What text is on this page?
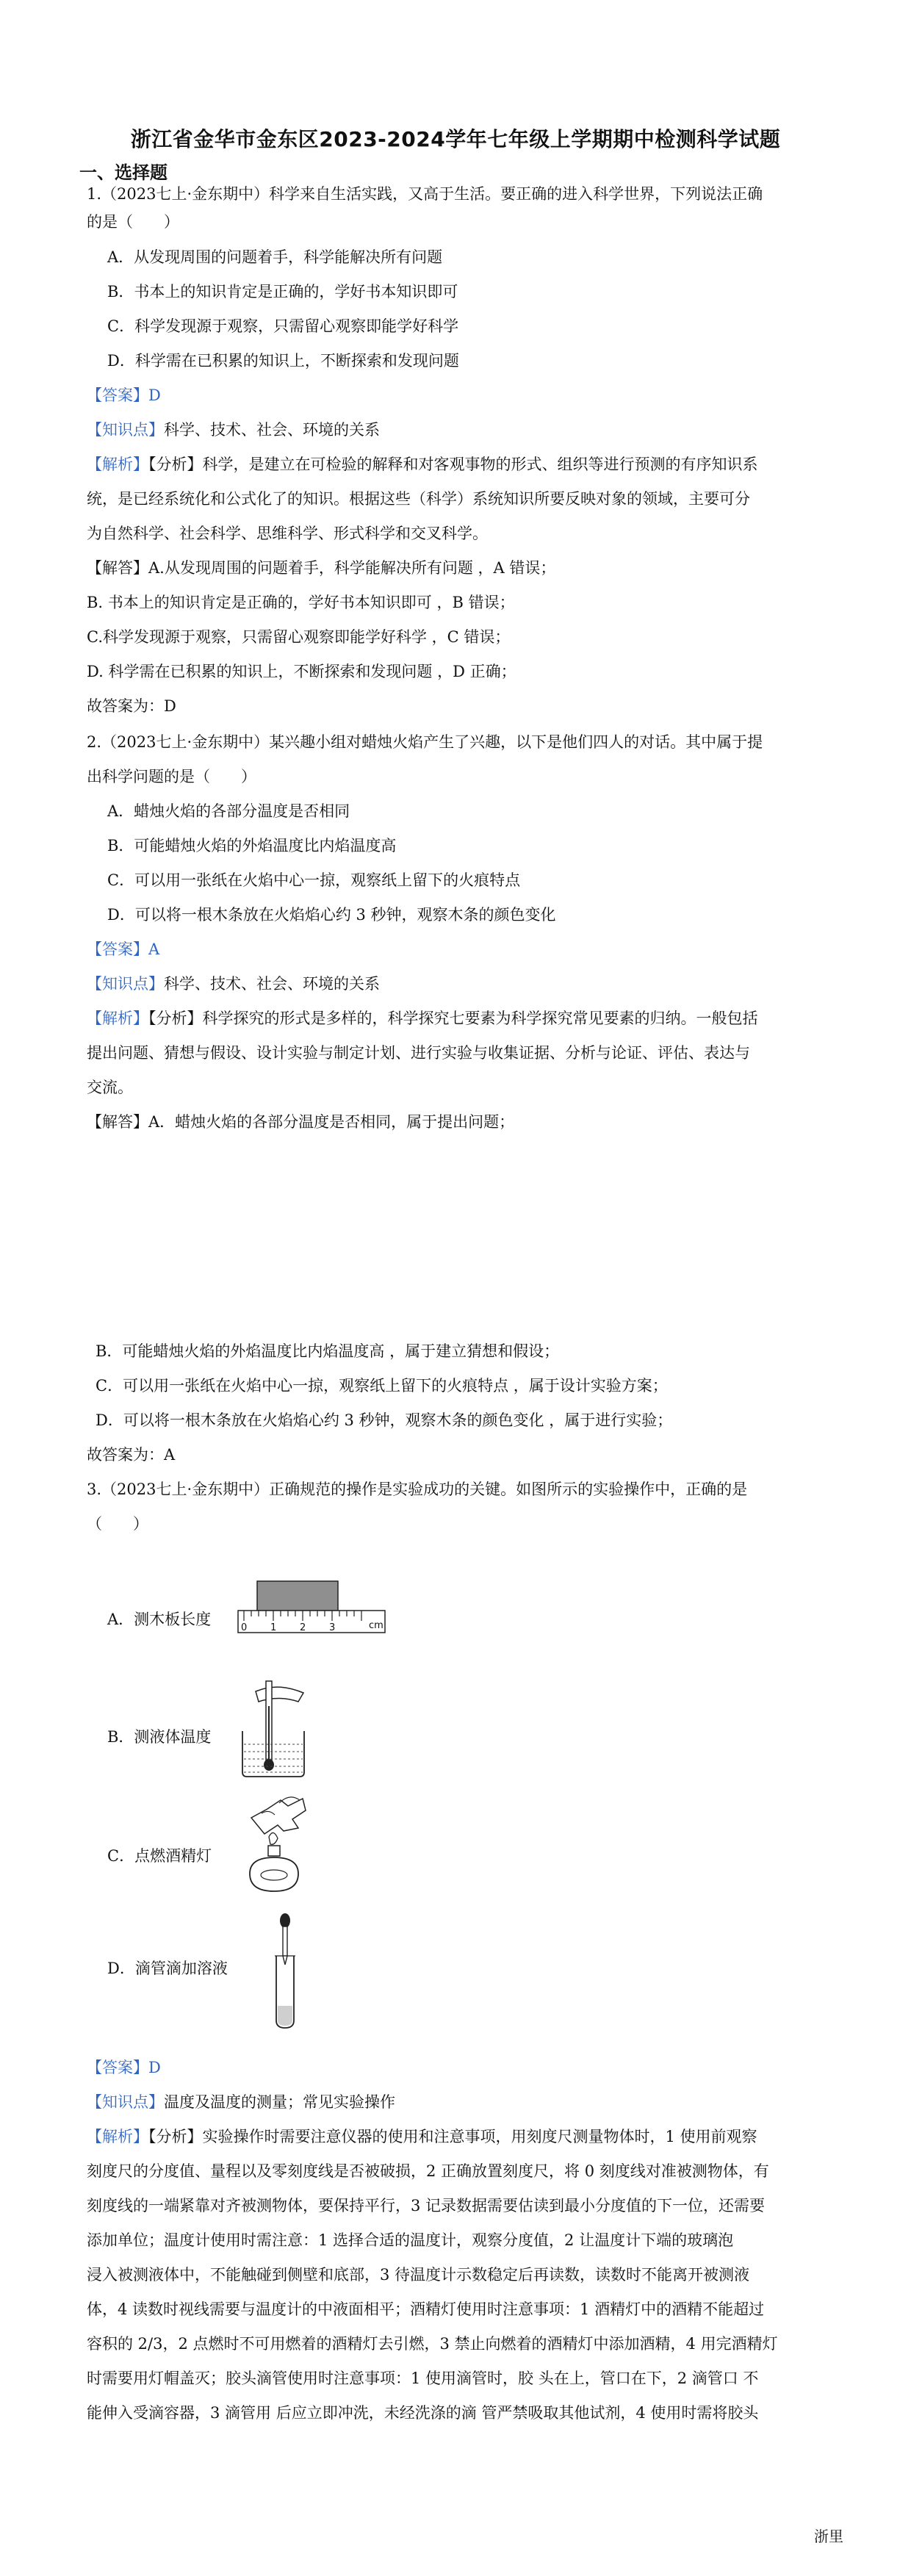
浙江省金华市金东区2023-2024学年七年级上学期期中检测科学试题
一、选择题
1.（2023七上·金东期中）科学来自生活实践，又高于生活。要正确的进入科学世界，下列说法正确
的是（　　）
A．从发现周围的问题着手，科学能解决所有问题
B．书本上的知识肯定是正确的，学好书本知识即可
C．科学发现源于观察，只需留心观察即能学好科学
D．科学需在已积累的知识上，不断探索和发现问题
【答案】D
【知识点】科学、技术、社会、环境的关系
【解析】【分析】科学，是建立在可检验的解释和对客观事物的形式、组织等进行预测的有序知识系
统，是已经系统化和公式化了的知识。根据这些（科学）系统知识所要反映对象的领域，主要可分
为自然科学、社会科学、思维科学、形式科学和交叉科学。
【解答】A.从发现周围的问题着手，科学能解决所有问题 ，A 错误；
B. 书本上的知识肯定是正确的，学好书本知识即可 ，B 错误；
C.科学发现源于观察，只需留心观察即能学好科学 ，C 错误；
D. 科学需在已积累的知识上，不断探索和发现问题 ，D 正确；
故答案为：D
2.（2023七上·金东期中）某兴趣小组对蜡烛火焰产生了兴趣，以下是他们四人的对话。其中属于提
出科学问题的是（　　）
A．蜡烛火焰的各部分温度是否相同
B．可能蜡烛火焰的外焰温度比内焰温度高
C．可以用一张纸在火焰中心一掠，观察纸上留下的火痕特点
D．可以将一根木条放在火焰焰心约 3 秒钟，观察木条的颜色变化
【答案】A
【知识点】科学、技术、社会、环境的关系
【解析】【分析】科学探究的形式是多样的，科学探究七要素为科学探究常见要素的归纳。一般包括
提出问题、猜想与假设、设计实验与制定计划、进行实验与收集证据、分析与论证、评估、表达与
交流。
【解答】A．蜡烛火焰的各部分温度是否相同，属于提出问题；
B．可能蜡烛火焰的外焰温度比内焰温度高 ，属于建立猜想和假设；
C．可以用一张纸在火焰中心一掠，观察纸上留下的火痕特点 ，属于设计实验方案；
D．可以将一根木条放在火焰焰心约 3 秒钟，观察木条的颜色变化 ，属于进行实验；
故答案为：A
3.（2023七上·金东期中）正确规范的操作是实验成功的关键。如图所示的实验操作中，正确的是
（　　）
A．测木板长度	0 1 2 3	cm
B．测液体温度
C．点燃酒精灯
D．滴管滴加溶液
【答案】D
【知识点】温度及温度的测量；常见实验操作
【解析】【分析】实验操作时需要注意仪器的使用和注意事项，用刻度尺测量物体时，1 使用前观察
刻度尺的分度值、量程以及零刻度线是否被破损，2 正确放置刻度尺，将 0 刻度线对准被测物体，有
刻度线的一端紧靠对齐被测物体，要保持平行，3 记录数据需要估读到最小分度值的下一位，还需要
添加单位；温度计使用时需注意：1 选择合适的温度计，观察分度值，2 让温度计下端的玻璃泡
浸入被测液体中，不能触碰到侧壁和底部，3 待温度计示数稳定后再读数，读数时不能离开被测液
体，4 读数时视线需要与温度计的中液面相平；酒精灯使用时注意事项：1 酒精灯中的酒精不能超过
容积的 2/3，2 点燃时不可用燃着的酒精灯去引燃，3 禁止向燃着的酒精灯中添加酒精，4 用完酒精灯
时需要用灯帽盖灭；胶头滴管使用时注意事项：1 使用滴管时，胶 头在上，管口在下，2 滴管口 不
能伸入受滴容器，3 滴管用 后应立即冲洗，未经洗涤的滴 管严禁吸取其他试剂，4 使用时需将胶头
浙里
